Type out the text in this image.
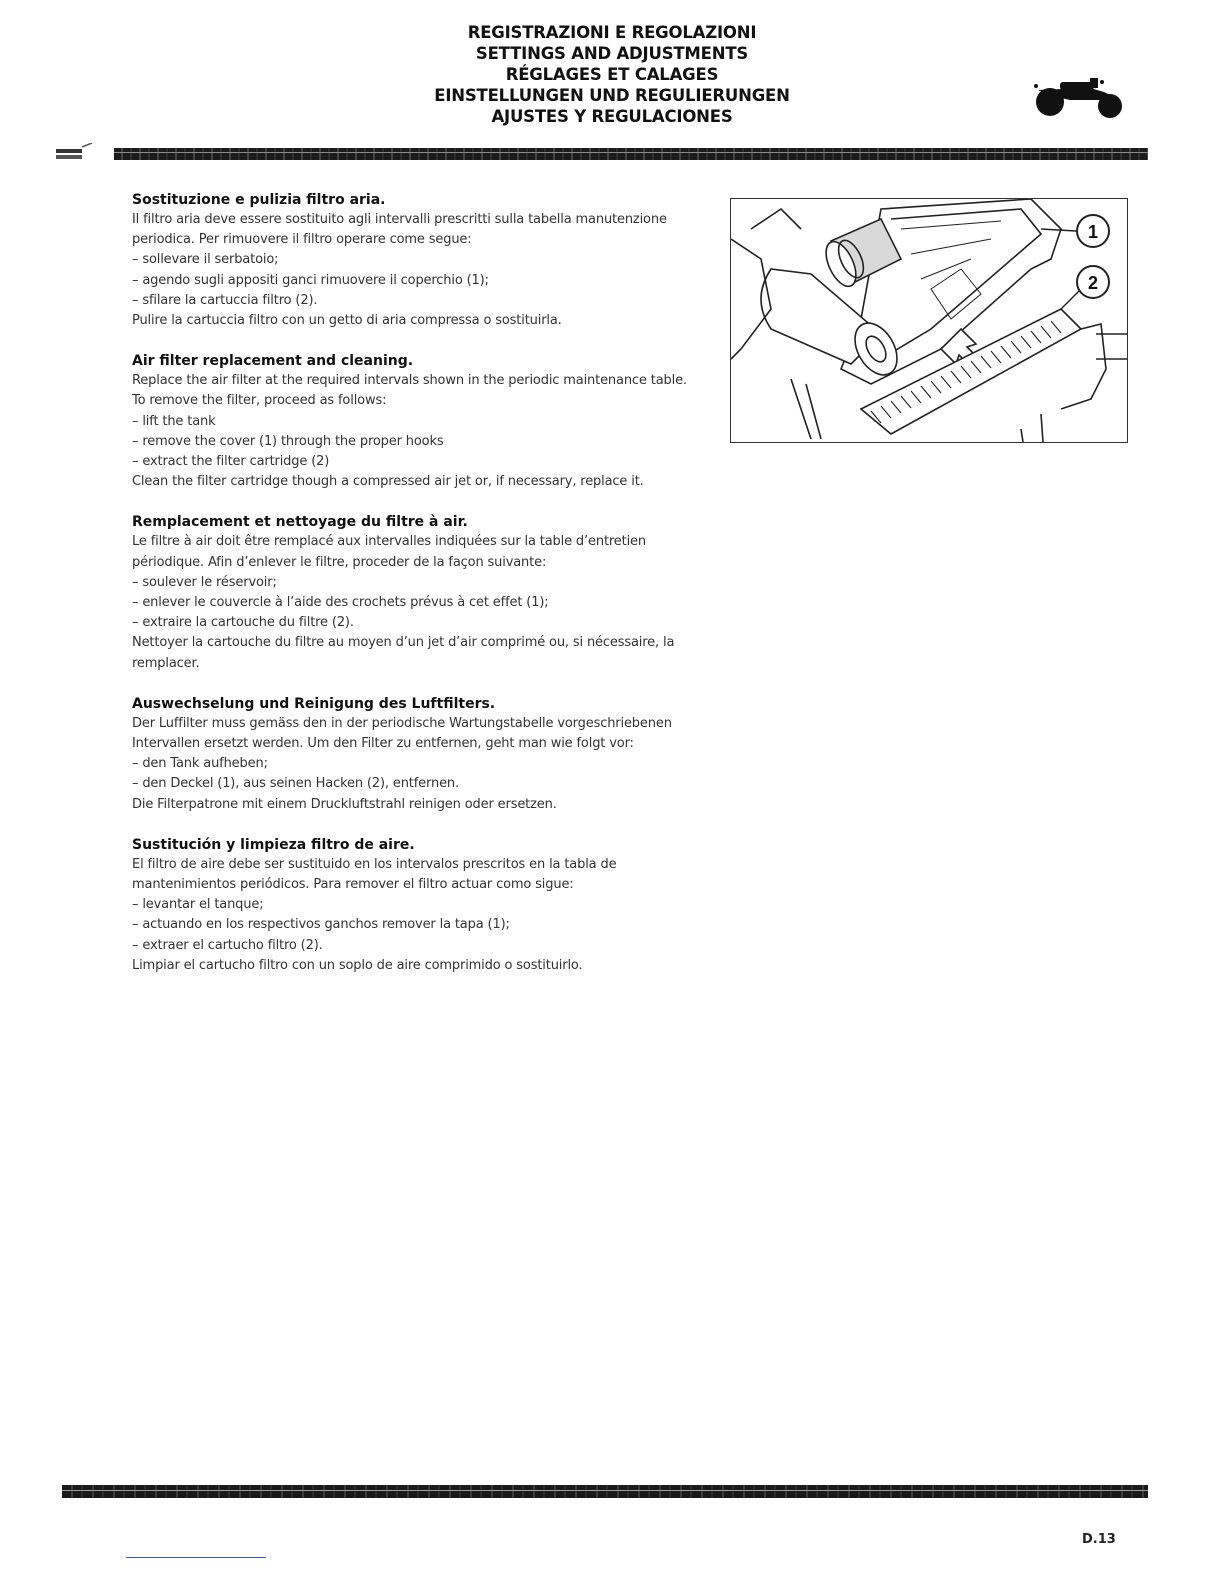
REGISTRAZIONI E REGOLAZIONI
SETTINGS AND ADJUSTMENTS
RÉGLAGES ET CALAGES
EINSTELLUNGEN UND REGULIERUNGEN
AJUSTES Y REGULACIONES
Sostituzione e pulizia filtro aria.

Il filtro aria deve essere sostituito agli intervalli prescritti sulla tabella manutenzione
periodica. Per rimuovere il filtro operare come segue:
– sollevare il serbatoio;
– agendo sugli appositi ganci rimuovere il coperchio (1);
– sfilare la cartuccia filtro (2).
Pulire la cartuccia filtro con un getto di aria compressa o sostituirla.

Air filter replacement and cleaning.

Replace the air filter at the required intervals shown in the periodic maintenance table.
To remove the filter, proceed as follows:
– lift the tank
– remove the cover (1) through the proper hooks
– extract the filter cartridge (2)
Clean the filter cartridge though a compressed air jet or, if necessary, replace it.

Remplacement et nettoyage du filtre à air.

Le filtre à air doit être remplacé aux intervalles indiquées sur la table d’entretien
périodique. Afin d’enlever le filtre, proceder de la façon suivante:
– soulever le réservoir;
– enlever le couvercle à l’aide des crochets prévus à cet effet (1);
– extraire la cartouche du filtre (2).
Nettoyer la cartouche du filtre au moyen d’un jet d’air comprimé ou, si nécessaire, la
remplacer.

Auswechselung und Reinigung des Luftfilters.

Der Luffilter muss gemäss den in der periodische Wartungstabelle vorgeschriebenen
Intervallen ersetzt werden. Um den Filter zu entfernen, geht man wie folgt vor:
– den Tank aufheben;
– den Deckel (1), aus seinen Hacken (2), entfernen.
Die Filterpatrone mit einem Druckluftstrahl reinigen oder ersetzen.

Sustitución y limpieza filtro de aire.

El filtro de aire debe ser sustituido en los intervalos prescritos en la tabla de
mantenimientos periódicos. Para remover el filtro actuar como sigue:
– levantar el tanque;
– actuando en los respectivos ganchos remover la tapa (1);
– extraer el cartucho filtro (2).
Limpiar el cartucho filtro con un soplo de aire comprimido o sostituirlo.

1
2
D.13
